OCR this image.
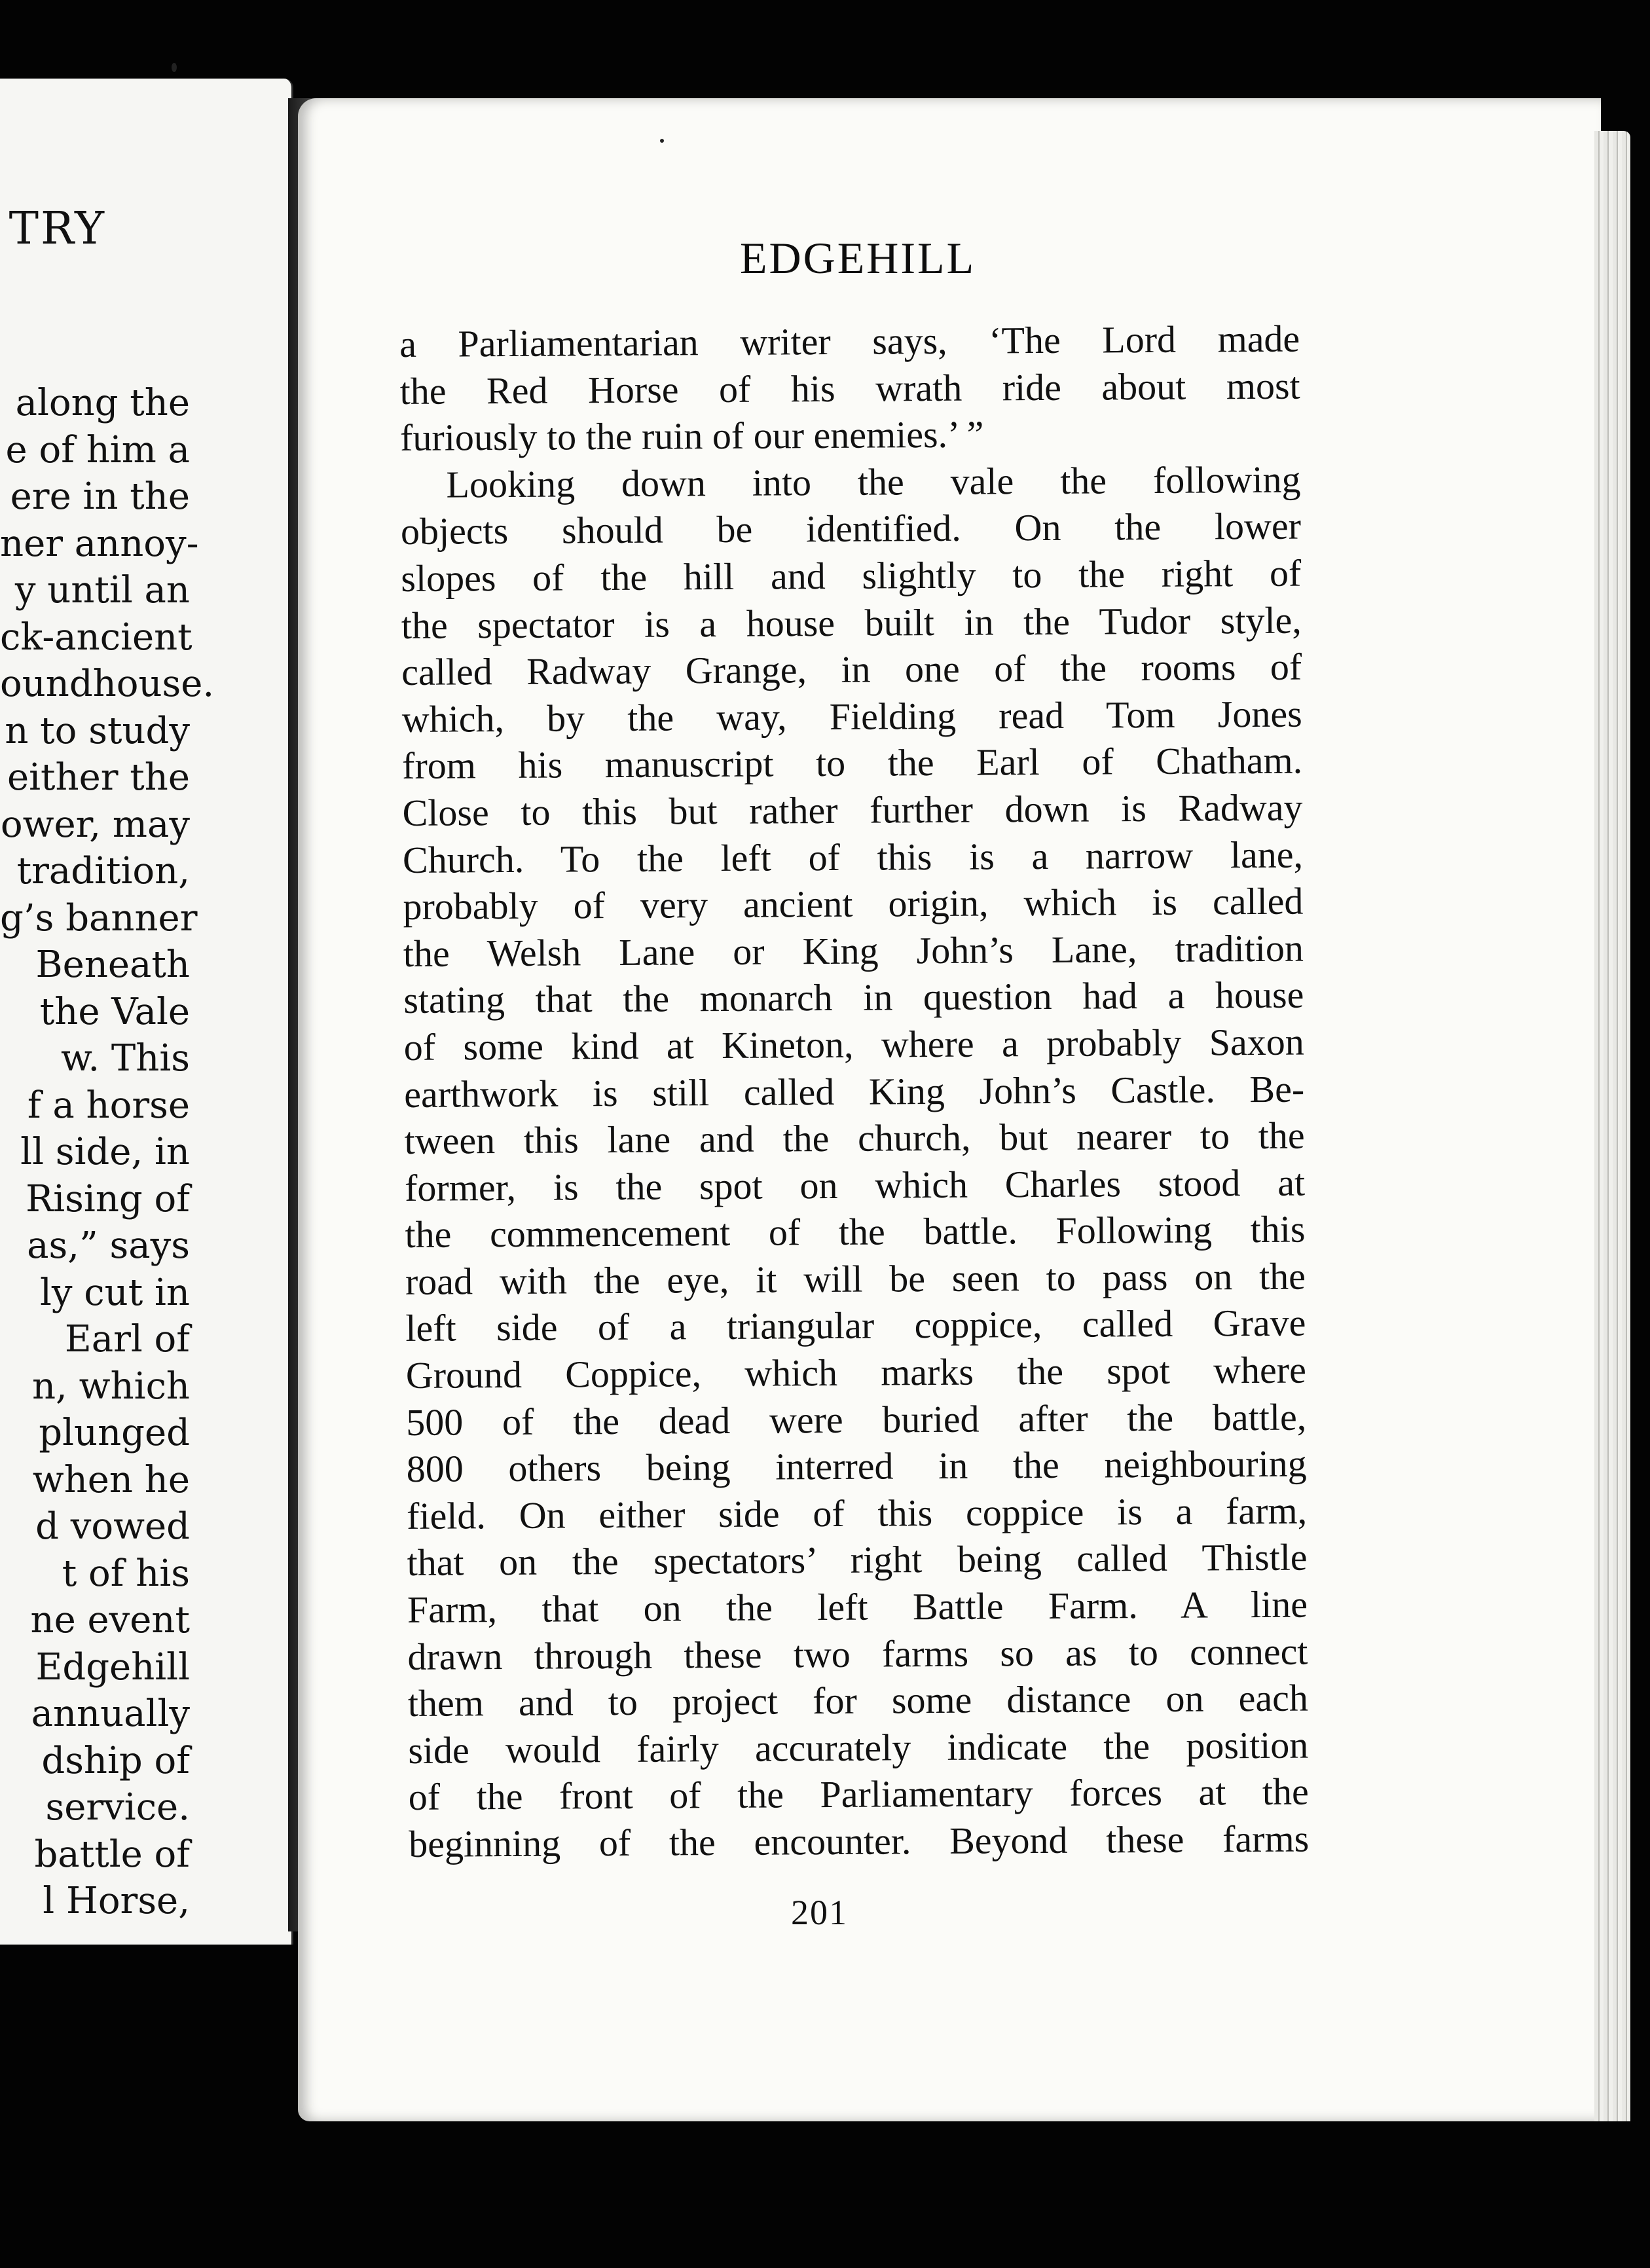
TRY
along the
e of him a
ere in the
ner annoy-
y until an
ck-ancient
oundhouse.
n to study
either the
ower, may
tradition,
g’s banner
Beneath
the Vale
w. This
f a horse
ll side, in
Rising of
as,” says
ly cut in
Earl of
n, which
plunged
when he
d vowed
t of his
ne event
Edgehill
annually
dship of
service.
battle of
l Horse,
EDGEHILL
a Parliamentarian writer says, ‘The Lord made
the Red Horse of his wrath ride about most
furiously to the ruin of our enemies.’ ”
Looking down into the vale the following
objects should be identified. On the lower
slopes of the hill and slightly to the right of
the spectator is a house built in the Tudor style,
called Radway Grange, in one of the rooms of
which, by the way, Fielding read Tom Jones
from his manuscript to the Earl of Chatham.
Close to this but rather further down is Radway
Church. To the left of this is a narrow lane,
probably of very ancient origin, which is called
the Welsh Lane or King John’s Lane, tradition
stating that the monarch in question had a house
of some kind at Kineton, where a probably Saxon
earthwork is still called King John’s Castle. Be-
tween this lane and the church, but nearer to the
former, is the spot on which Charles stood at
the commencement of the battle. Following this
road with the eye, it will be seen to pass on the
left side of a triangular coppice, called Grave
Ground Coppice, which marks the spot where
500 of the dead were buried after the battle,
800 others being interred in the neighbouring
field. On either side of this coppice is a farm,
that on the spectators’ right being called Thistle
Farm, that on the left Battle Farm. A line
drawn through these two farms so as to connect
them and to project for some distance on each
side would fairly accurately indicate the position
of the front of the Parliamentary forces at the
beginning of the encounter. Beyond these farms
201
